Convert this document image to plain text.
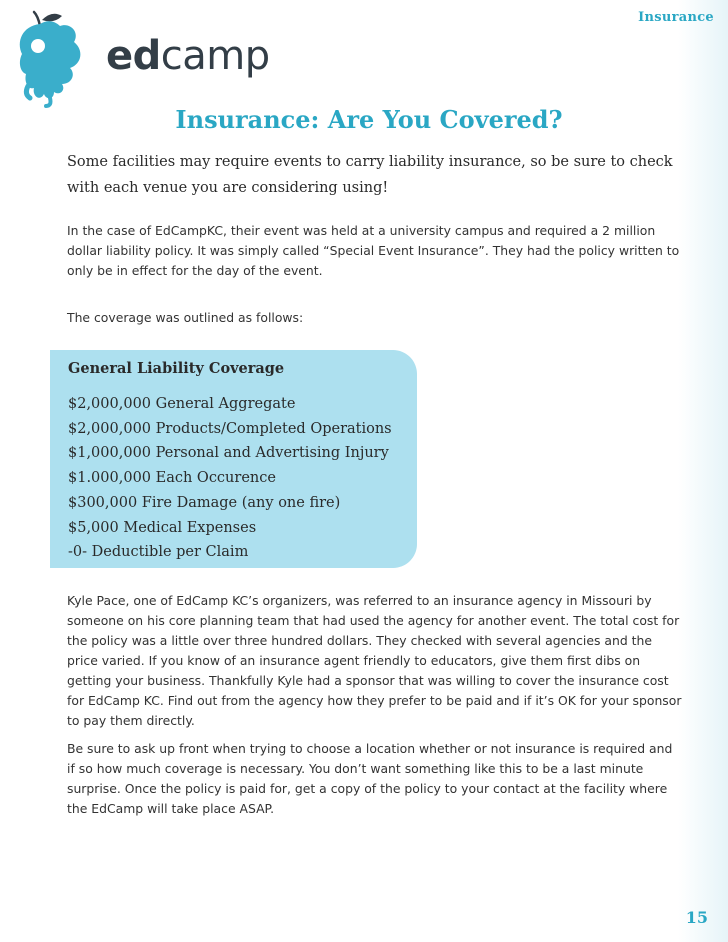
Insurance
edcamp
Insurance: Are You Covered?
Some facilities may require events to carry liability insurance, so be sure to check with each venue you are considering using!

In the case of EdCampKC, their event was held at a university campus and required a 2 million dollar liability policy. It was simply called “Special Event Insurance”. They had the policy written to only be in effect for the day of the event.

The coverage was outlined as follows:

General Liability Coverage
$2,000,000 General Aggregate
$2,000,000 Products/Completed Operations
$1,000,000 Personal and Advertising Injury
$1.000,000 Each Occurence
$300,000 Fire Damage (any one fire)
$5,000 Medical Expenses
-0- Deductible per Claim

Kyle Pace, one of EdCamp KC’s organizers, was referred to an insurance agency in Missouri by someone on his core planning team that had used the agency for another event. The total cost for the policy was a little over three hundred dollars. They checked with several agencies and the price varied. If you know of an insurance agent friendly to educators, give them first dibs on getting your business. Thankfully Kyle had a sponsor that was willing to cover the insurance cost for EdCamp KC. Find out from the agency how they prefer to be paid and if it’s OK for your sponsor to pay them directly.

Be sure to ask up front when trying to choose a location whether or not insurance is required and if so how much coverage is necessary. You don’t want something like this to be a last minute surprise. Once the policy is paid for, get a copy of the policy to your contact at the facility where the EdCamp will take place ASAP.

15
